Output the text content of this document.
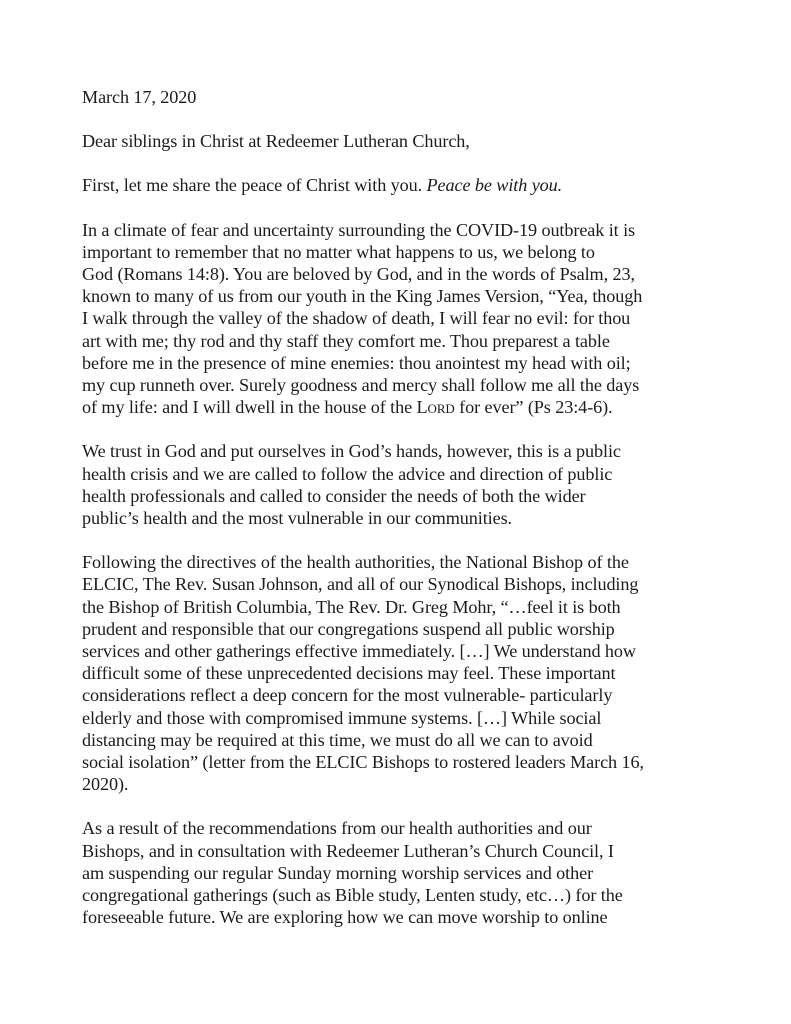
March 17, 2020

Dear siblings in Christ at Redeemer Lutheran Church,

First, let me share the peace of Christ with you. Peace be with you.

In a climate of fear and uncertainty surrounding the COVID-19 outbreak it is
important to remember that no matter what happens to us, we belong to
God (Romans 14:8). You are beloved by God, and in the words of Psalm, 23,
known to many of us from our youth in the King James Version, “Yea, though
I walk through the valley of the shadow of death, I will fear no evil: for thou
art with me; thy rod and thy staff they comfort me. Thou preparest a table
before me in the presence of mine enemies: thou anointest my head with oil;
my cup runneth over. Surely goodness and mercy shall follow me all the days
of my life: and I will dwell in the house of the Lord for ever” (Ps 23:4-6).

We trust in God and put ourselves in God’s hands, however, this is a public
health crisis and we are called to follow the advice and direction of public
health professionals and called to consider the needs of both the wider
public’s health and the most vulnerable in our communities.

Following the directives of the health authorities, the National Bishop of the
ELCIC, The Rev. Susan Johnson, and all of our Synodical Bishops, including
the Bishop of British Columbia, The Rev. Dr. Greg Mohr, “…feel it is both
prudent and responsible that our congregations suspend all public worship
services and other gatherings effective immediately. […] We understand how
difficult some of these unprecedented decisions may feel. These important
considerations reflect a deep concern for the most vulnerable- particularly
elderly and those with compromised immune systems. […] While social
distancing may be required at this time, we must do all we can to avoid
social isolation” (letter from the ELCIC Bishops to rostered leaders March 16,
2020).

As a result of the recommendations from our health authorities and our
Bishops, and in consultation with Redeemer Lutheran’s Church Council, I
am suspending our regular Sunday morning worship services and other
congregational gatherings (such as Bible study, Lenten study, etc…) for the
foreseeable future. We are exploring how we can move worship to online
